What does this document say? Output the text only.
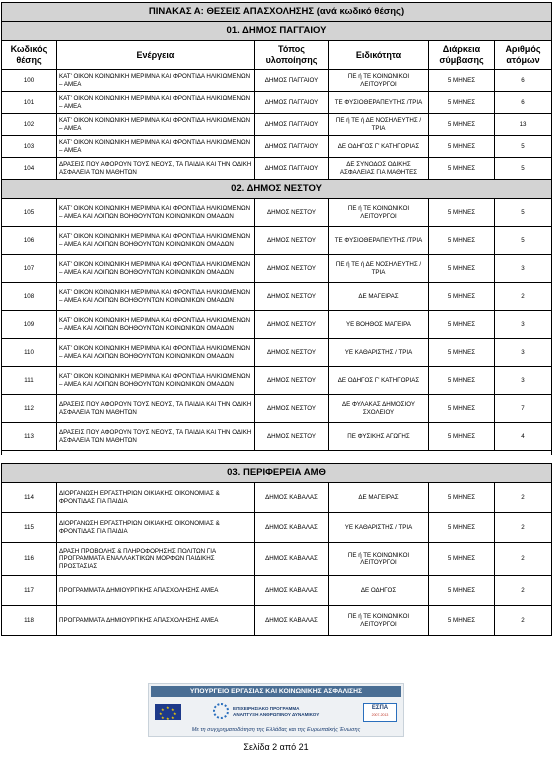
ΠΙΝΑΚΑΣ Α: ΘΕΣΕΙΣ ΑΠΑΣΧΟΛΗΣΗΣ (ανά κωδικό θέσης)					
01. ΔΗΜΟΣ ΠΑΓΓΑΙΟΥ					
Κωδικός θέσης	Ενέργεια	Τόπος υλοποίησης	Ειδικότητα	Διάρκεια σύμβασης	Αριθμός ατόμων
100	ΚΑΤ' ΟΙΚΟΝ ΚΟΙΝΩΝΙΚΗ ΜΕΡΙΜΝΑ ΚΑΙ ΦΡΟΝΤΙΔΑ ΗΛΙΚΙΩΜΕΝΩΝ – ΑΜΕΑ	ΔΗΜΟΣ ΠΑΓΓΑΙΟΥ	ΠΕ ή ΤΕ ΚΟΙΝΩΝΙΚΟΙ ΛΕΙΤΟΥΡΓΟΙ	5 ΜΗΝΕΣ	6
101	ΚΑΤ' ΟΙΚΟΝ ΚΟΙΝΩΝΙΚΗ ΜΕΡΙΜΝΑ ΚΑΙ ΦΡΟΝΤΙΔΑ ΗΛΙΚΙΩΜΕΝΩΝ – ΑΜΕΑ	ΔΗΜΟΣ ΠΑΓΓΑΙΟΥ	ΤΕ ΦΥΣΙΟΘΕΡΑΠΕΥΤΗΣ /ΤΡΙΑ	5 ΜΗΝΕΣ	6
102	ΚΑΤ' ΟΙΚΟΝ ΚΟΙΝΩΝΙΚΗ ΜΕΡΙΜΝΑ ΚΑΙ ΦΡΟΝΤΙΔΑ ΗΛΙΚΙΩΜΕΝΩΝ – ΑΜΕΑ	ΔΗΜΟΣ ΠΑΓΓΑΙΟΥ	ΠΕ ή ΤΕ ή ΔΕ ΝΟΣΗΛΕΥΤΗΣ / ΤΡΙΑ	5 ΜΗΝΕΣ	13
103	ΚΑΤ' ΟΙΚΟΝ ΚΟΙΝΩΝΙΚΗ ΜΕΡΙΜΝΑ ΚΑΙ ΦΡΟΝΤΙΔΑ ΗΛΙΚΙΩΜΕΝΩΝ – ΑΜΕΑ	ΔΗΜΟΣ ΠΑΓΓΑΙΟΥ	ΔΕ ΟΔΗΓΟΣ Γ' ΚΑΤΗΓΟΡΙΑΣ	5 ΜΗΝΕΣ	5
104	ΔΡΑΣΕΙΣ ΠΟΥ ΑΦΟΡΟΥΝ ΤΟΥΣ ΝΕΟΥΣ, ΤΑ ΠΑΙΔΙΑ ΚΑΙ ΤΗΝ ΟΔΙΚΗ ΑΣΦΑΛΕΙΑ ΤΩΝ ΜΑΘΗΤΩΝ	ΔΗΜΟΣ ΠΑΓΓΑΙΟΥ	ΔΕ ΣΥΝΟΔΟΣ ΟΔΙΚΗΣ ΑΣΦΑΛΕΙΑΣ ΓΙΑ ΜΑΘΗΤΕΣ	5 ΜΗΝΕΣ	5
02. ΔΗΜΟΣ ΝΕΣΤΟΥ					
105	ΚΑΤ' ΟΙΚΟΝ ΚΟΙΝΩΝΙΚΗ ΜΕΡΙΜΝΑ ΚΑΙ ΦΡΟΝΤΙΔΑ ΗΛΙΚΙΩΜΕΝΩΝ – ΑΜΕΑ ΚΑΙ ΛΟΙΠΩΝ ΒΟΗΘΟΥΝΤΩΝ ΚΟΙΝΩΝΙΚΩΝ ΟΜΑΔΩΝ	ΔΗΜΟΣ ΝΕΣΤΟΥ	ΠΕ ή ΤΕ ΚΟΙΝΩΝΙΚΟΙ ΛΕΙΤΟΥΡΓΟΙ	5 ΜΗΝΕΣ	5
106	ΚΑΤ' ΟΙΚΟΝ ΚΟΙΝΩΝΙΚΗ ΜΕΡΙΜΝΑ ΚΑΙ ΦΡΟΝΤΙΔΑ ΗΛΙΚΙΩΜΕΝΩΝ – ΑΜΕΑ ΚΑΙ ΛΟΙΠΩΝ ΒΟΗΘΟΥΝΤΩΝ ΚΟΙΝΩΝΙΚΩΝ ΟΜΑΔΩΝ	ΔΗΜΟΣ ΝΕΣΤΟΥ	ΤΕ ΦΥΣΙΟΘΕΡΑΠΕΥΤΗΣ /ΤΡΙΑ	5 ΜΗΝΕΣ	5
107	ΚΑΤ' ΟΙΚΟΝ ΚΟΙΝΩΝΙΚΗ ΜΕΡΙΜΝΑ ΚΑΙ ΦΡΟΝΤΙΔΑ ΗΛΙΚΙΩΜΕΝΩΝ – ΑΜΕΑ ΚΑΙ ΛΟΙΠΩΝ ΒΟΗΘΟΥΝΤΩΝ ΚΟΙΝΩΝΙΚΩΝ ΟΜΑΔΩΝ	ΔΗΜΟΣ ΝΕΣΤΟΥ	ΠΕ ή ΤΕ ή ΔΕ ΝΟΣΗΛΕΥΤΗΣ / ΤΡΙΑ	5 ΜΗΝΕΣ	3
108	ΚΑΤ' ΟΙΚΟΝ ΚΟΙΝΩΝΙΚΗ ΜΕΡΙΜΝΑ ΚΑΙ ΦΡΟΝΤΙΔΑ ΗΛΙΚΙΩΜΕΝΩΝ – ΑΜΕΑ ΚΑΙ ΛΟΙΠΩΝ ΒΟΗΘΟΥΝΤΩΝ ΚΟΙΝΩΝΙΚΩΝ ΟΜΑΔΩΝ	ΔΗΜΟΣ ΝΕΣΤΟΥ	ΔΕ ΜΑΓΕΙΡΑΣ	5 ΜΗΝΕΣ	2
109	ΚΑΤ' ΟΙΚΟΝ ΚΟΙΝΩΝΙΚΗ ΜΕΡΙΜΝΑ ΚΑΙ ΦΡΟΝΤΙΔΑ ΗΛΙΚΙΩΜΕΝΩΝ – ΑΜΕΑ ΚΑΙ ΛΟΙΠΩΝ ΒΟΗΘΟΥΝΤΩΝ ΚΟΙΝΩΝΙΚΩΝ ΟΜΑΔΩΝ	ΔΗΜΟΣ ΝΕΣΤΟΥ	ΥΕ ΒΟΗΘΟΣ ΜΑΓΕΙΡΑ	5 ΜΗΝΕΣ	3
110	ΚΑΤ' ΟΙΚΟΝ ΚΟΙΝΩΝΙΚΗ ΜΕΡΙΜΝΑ ΚΑΙ ΦΡΟΝΤΙΔΑ ΗΛΙΚΙΩΜΕΝΩΝ – ΑΜΕΑ ΚΑΙ ΛΟΙΠΩΝ ΒΟΗΘΟΥΝΤΩΝ ΚΟΙΝΩΝΙΚΩΝ ΟΜΑΔΩΝ	ΔΗΜΟΣ ΝΕΣΤΟΥ	ΥΕ ΚΑΘΑΡΙΣΤΗΣ / ΤΡΙΑ	5 ΜΗΝΕΣ	3
111	ΚΑΤ' ΟΙΚΟΝ ΚΟΙΝΩΝΙΚΗ ΜΕΡΙΜΝΑ ΚΑΙ ΦΡΟΝΤΙΔΑ ΗΛΙΚΙΩΜΕΝΩΝ – ΑΜΕΑ ΚΑΙ ΛΟΙΠΩΝ ΒΟΗΘΟΥΝΤΩΝ ΚΟΙΝΩΝΙΚΩΝ ΟΜΑΔΩΝ	ΔΗΜΟΣ ΝΕΣΤΟΥ	ΔΕ ΟΔΗΓΟΣ Γ' ΚΑΤΗΓΟΡΙΑΣ	5 ΜΗΝΕΣ	3
112	ΔΡΑΣΕΙΣ ΠΟΥ ΑΦΟΡΟΥΝ ΤΟΥΣ ΝΕΟΥΣ, ΤΑ ΠΑΙΔΙΑ ΚΑΙ ΤΗΝ ΟΔΙΚΗ ΑΣΦΑΛΕΙΑ ΤΩΝ ΜΑΘΗΤΩΝ	ΔΗΜΟΣ ΝΕΣΤΟΥ	ΔΕ ΦΥΛΑΚΑΣ ΔΗΜΟΣΙΟΥ ΣΧΟΛΕΙΟΥ	5 ΜΗΝΕΣ	7
113	ΔΡΑΣΕΙΣ ΠΟΥ ΑΦΟΡΟΥΝ ΤΟΥΣ ΝΕΟΥΣ, ΤΑ ΠΑΙΔΙΑ ΚΑΙ ΤΗΝ ΟΔΙΚΗ ΑΣΦΑΛΕΙΑ ΤΩΝ ΜΑΘΗΤΩΝ	ΔΗΜΟΣ ΝΕΣΤΟΥ	ΠΕ ΦΥΣΙΚΗΣ ΑΓΩΓΗΣ	5 ΜΗΝΕΣ	4

03. ΠΕΡΙΦΕΡΕΙΑ ΑΜΘ					
114	ΔΙΟΡΓΑΝΩΣΗ ΕΡΓΑΣΤΗΡΙΩΝ ΟΙΚΙΑΚΗΣ ΟΙΚΟΝΟΜΙΑΣ & ΦΡΟΝΤΙΔΑΣ ΓΙΑ ΠΑΙΔΙΑ	ΔΗΜΟΣ ΚΑΒΑΛΑΣ	ΔΕ ΜΑΓΕΙΡΑΣ	5 ΜΗΝΕΣ	2
115	ΔΙΟΡΓΑΝΩΣΗ ΕΡΓΑΣΤΗΡΙΩΝ ΟΙΚΙΑΚΗΣ ΟΙΚΟΝΟΜΙΑΣ & ΦΡΟΝΤΙΔΑΣ ΓΙΑ ΠΑΙΔΙΑ	ΔΗΜΟΣ ΚΑΒΑΛΑΣ	ΥΕ ΚΑΘΑΡΙΣΤΗΣ / ΤΡΙΑ	5 ΜΗΝΕΣ	2
116	ΔΡΑΣΗ ΠΡΟΒΟΛΗΣ & ΠΛΗΡΟΦΟΡΗΣΗΣ ΠΟΛΙΤΩΝ ΓΙΑ ΠΡΟΓΡΑΜΜΑΤΑ ΕΝΑΛΛΑΚΤΙΚΩΝ ΜΟΡΦΩΝ ΠΑΙΔΙΚΗΣ ΠΡΟΣΤΑΣΙΑΣ	ΔΗΜΟΣ ΚΑΒΑΛΑΣ	ΠΕ ή ΤΕ ΚΟΙΝΩΝΙΚΟΙ ΛΕΙΤΟΥΡΓΟΙ	5 ΜΗΝΕΣ	2
117	ΠΡΟΓΡΑΜΜΑΤΑ ΔΗΜΙΟΥΡΓΙΚΗΣ ΑΠΑΣΧΟΛΗΣΗΣ ΑΜΕΑ	ΔΗΜΟΣ ΚΑΒΑΛΑΣ	ΔΕ ΟΔΗΓΟΣ	5 ΜΗΝΕΣ	2
118	ΠΡΟΓΡΑΜΜΑΤΑ ΔΗΜΙΟΥΡΓΙΚΗΣ ΑΠΑΣΧΟΛΗΣΗΣ ΑΜΕΑ	ΔΗΜΟΣ ΚΑΒΑΛΑΣ	ΠΕ ή ΤΕ ΚΟΙΝΩΝΙΚΟΙ ΛΕΙΤΟΥΡΓΟΙ	5 ΜΗΝΕΣ	2
ΥΠΟΥΡΓΕΙΟ ΕΡΓΑΣΙΑΣ ΚΑΙ ΚΟΙΝΩΝΙΚΗΣ ΑΣΦΑΛΙΣΗΣ
★ ★
★
★
★
★
★
★	ΕΠΙΧΕΙΡΗΣΙΑΚΟ ΠΡΟΓΡΑΜΜΑ
ΑΝΑΠΤΥΞΗ ΑΝΘΡΩΠΙΝΟΥ ΔΥΝΑΜΙΚΟΥ
ΕΣΠΑ
2007-2013
Με τη συγχρηματοδότηση της Ελλάδας και της Ευρωπαϊκής Ένωσης
Σελίδα 2 από 21
